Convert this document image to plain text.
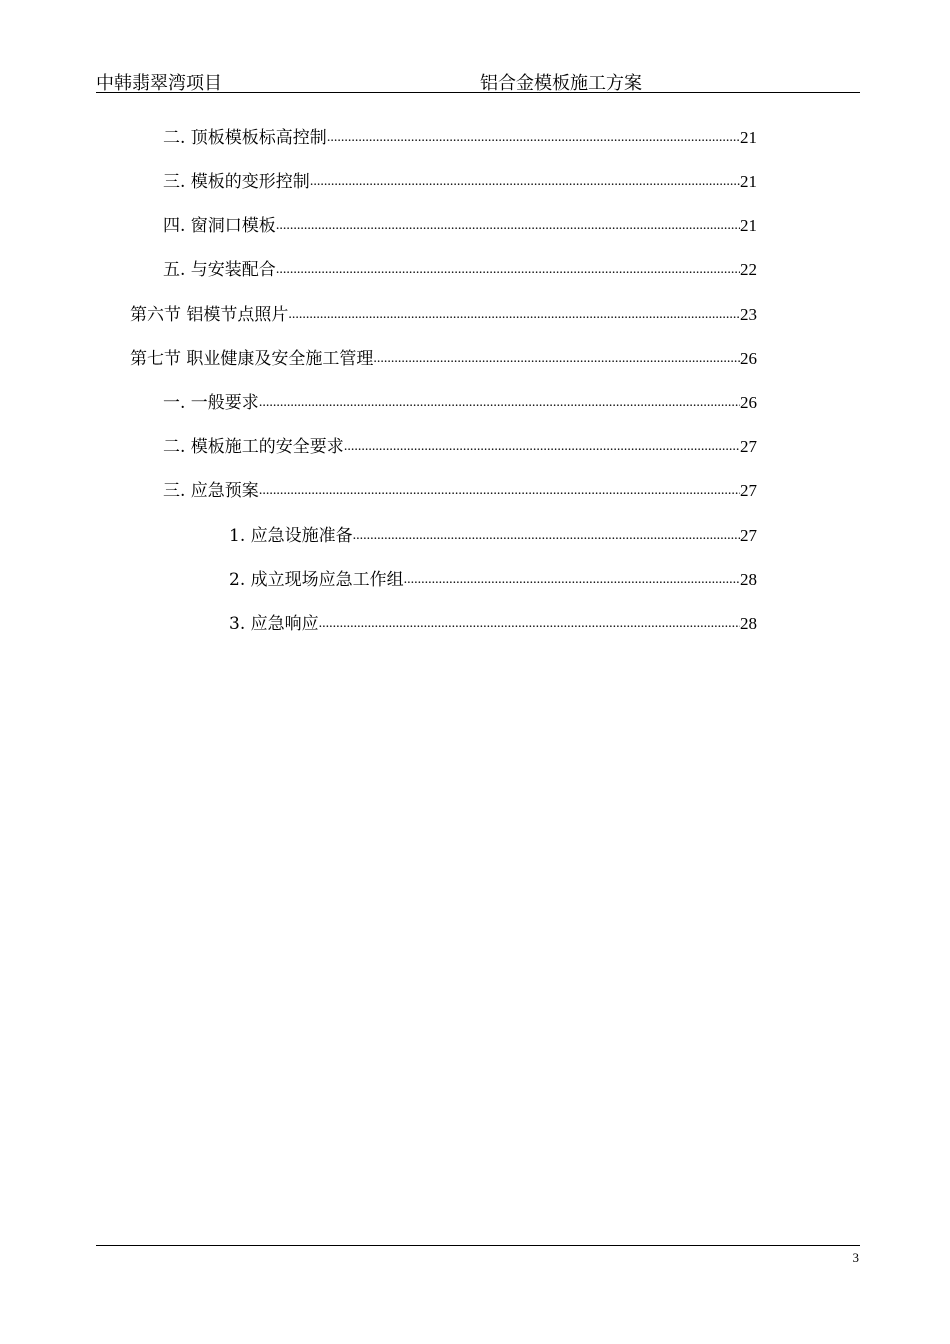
中韩翡翠湾项目	铝合金模板施工方案
二. 顶板模板标高控制 .....	21
三. 模板的变形控制 .....	21
四. 窗洞口模板 .....	21
五. 与安装配合 .....	22
第六节 铝模节点照片 .....	23
第七节 职业健康及安全施工管理 .....	26
一. 一般要求 .....	26
二. 模板施工的安全要求 .....	27
三. 应急预案 .....	27
1. 应急设施准备 .....	27
2. 成立现场应急工作组 .....	28
3. 应急响应 .....	28
3
